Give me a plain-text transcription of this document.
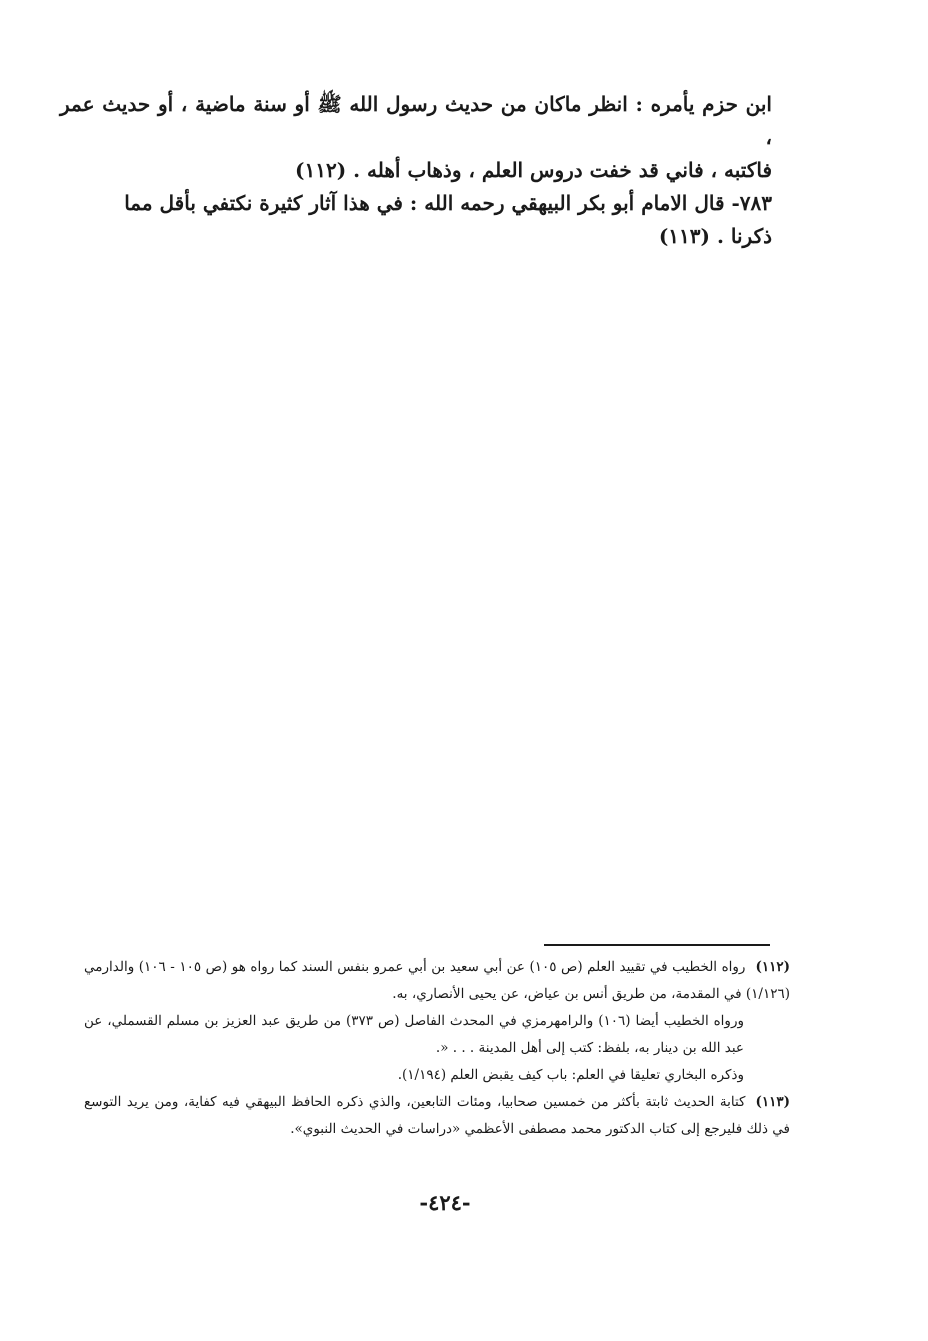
ابن حزم يأمره : انظر ماكان من حديث رسول الله ﷺ أو سنة ماضية ، أو حديث عمر ،

فاكتبه ، فاني قد خفت دروس العلم ، وذهاب أهله . (١١٢)

٧٨٣- قال الامام أبو بكر البيهقي رحمه الله : في هذا آثار كثيرة نكتفي بأقل مما

ذكرنا . (١١٣)

(١١٢)رواه الخطيب في تقييد العلم (ص ١٠٥) عن أبي سعيد بن أبي عمرو بنفس السند كما رواه هو (ص ١٠٥ - ١٠٦) والدارمي (١/١٢٦) في المقدمة، من طريق أنس بن عياض، عن يحيى الأنصاري، به.

ورواه الخطيب أيضا (١٠٦) والرامهرمزي في المحدث الفاصل (ص ٣٧٣) من طريق عبد العزيز بن مسلم القسملي، عن عبد الله بن دينار به، بلفظ: كتب إلى أهل المدينة . . . «.

وذكره البخاري تعليقا في العلم: باب كيف يقبض العلم (١/١٩٤).

(١١٣)كتابة الحديث ثابتة بأكثر من خمسين صحابيا، ومئات التابعين، والذي ذكره الحافظ البيهقي فيه كفاية، ومن يريد التوسع في ذلك فليرجع إلى كتاب الدكتور محمد مصطفى الأعظمي «دراسات في الحديث النبوي».

-٤٢٤-
